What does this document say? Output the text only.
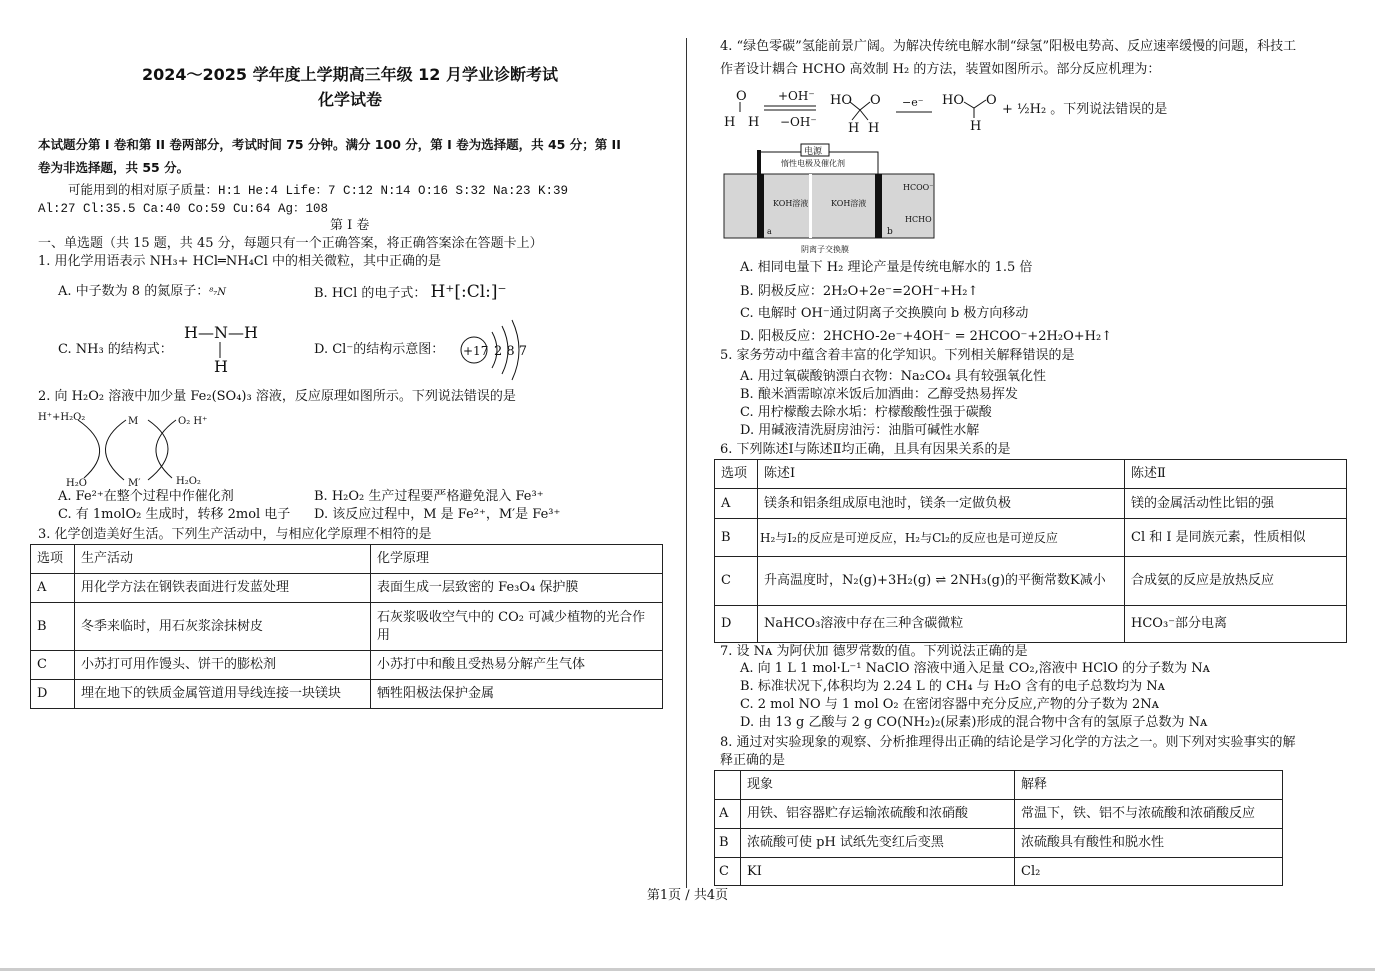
2024～2025 学年度上学期高三年级 12 月学业诊断考试
化学试卷
本试题分第 I 卷和第 II 卷两部分，考试时间 75 分钟。满分 100 分，第 I 卷为选择题，共 45 分；第 II
卷为非选择题，共 55 分。
可能用到的相对原子质量：H:1 He:4 Life：7 C:12 N:14 O:16 S:32 Na:23 K:39
Al:27 Cl:35.5 Ca:40 Co:59 Cu:64 Ag：108
第 I 卷
一、单选题（共 15 题，共 45 分，每题只有一个正确答案，将正确答案涂在答题卡上）
1. 用化学用语表示 NH₃+ HCl═NH₄Cl 中的相关微粒，其中正确的是
A. 中子数为 8 的氮原子：⁸₇N	B. HCl 的电子式： H⁺[:Cl:]⁻
C. NH₃ 的结构式：
H—N—H
H
D. Cl⁻的结构示意图： +17 2 8 7
2. 向 H₂O₂ 溶液中加少量 Fe₂(SO₄)₃ 溶液，反应原理如图所示。下列说法错误的是
H⁺+H₂O₂	M	O₂ H⁺
H₂O	M′	H₂O₂
A. Fe²⁺在整个过程中作催化剂	B. H₂O₂ 生产过程要严格避免混入 Fe³⁺
C. 有 1molO₂ 生成时，转移 2mol 电子 D. 该反应过程中，M 是 Fe²⁺，M′是 Fe³⁺
3. 化学创造美好生活。下列生产活动中，与相应化学原理不相符的是
选项	生产活动	化学原理
A	用化学方法在钢铁表面进行发蓝处理	表面生成一层致密的 Fe₃O₄ 保护膜
B	冬季来临时，用石灰浆涂抹树皮	石灰浆吸收空气中的 CO₂ 可减少植物的光合作用
C	小苏打可用作馒头、饼干的膨松剂	小苏打中和酸且受热易分解产生气体
D	埋在地下的铁质金属管道用导线连接一块镁块	牺牲阳极法保护金属
4. “绿色零碳”氢能前景广阔。为解决传统电解水制“绿氢”阳极电势高、反应速率缓慢的问题，科技工
作者设计耦合 HCHO 高效制 H₂ 的方法，装置如图所示。部分反应机理为：
O
H H
+OH⁻
−OH⁻
HO O
H H
−e⁻ HO O
H
+ ½H₂ 。下列说法错误的是
电源
惰性电极及催化剂
KOH溶液	KOH溶液
HCOO⁻
HCHO
a	b
阴离子交换膜
A. 相同电量下 H₂ 理论产量是传统电解水的 1.5 倍
B. 阴极反应：2H₂O+2e⁻=2OH⁻+H₂↑
C. 电解时 OH⁻通过阴离子交换膜向 b 极方向移动
D. 阳极反应：2HCHO-2e⁻+4OH⁻ = 2HCOO⁻+2H₂O+H₂↑
5. 家务劳动中蕴含着丰富的化学知识。下列相关解释错误的是
A. 用过氧碳酸钠漂白衣物：Na₂CO₄ 具有较强氧化性
B. 酿米酒需晾凉米饭后加酒曲：乙醇受热易挥发
C. 用柠檬酸去除水垢：柠檬酸酸性强于碳酸
D. 用碱液清洗厨房油污：油脂可碱性水解
6. 下列陈述Ⅰ与陈述Ⅱ均正确，且具有因果关系的是
选项	陈述Ⅰ	陈述Ⅱ
A	镁条和铝条组成原电池时，镁条一定做负极	镁的金属活动性比铝的强
B	H₂与I₂的反应是可逆反应，H₂与Cl₂的反应也是可逆反应	Cl 和 I 是同族元素，性质相似
C	升高温度时，N₂(g)+3H₂(g) ⇌ 2NH₃(g)的平衡常数K减小	合成氨的反应是放热反应
D	NaHCO₃溶液中存在三种含碳微粒	HCO₃⁻部分电离
7. 设 Nᴀ 为阿伏加 德罗常数的值。下列说法正确的是
A. 向 1 L 1 mol·L⁻¹ NaClO 溶液中通入足量 CO₂,溶液中 HClO 的分子数为 Nᴀ
B. 标准状况下,体积均为 2.24 L 的 CH₄ 与 H₂O 含有的电子总数均为 Nᴀ
C. 2 mol NO 与 1 mol O₂ 在密闭容器中充分反应,产物的分子数为 2Nᴀ
D. 由 13 g 乙酸与 2 g CO(NH₂)₂(尿素)形成的混合物中含有的氢原子总数为 Nᴀ
8. 通过对实验现象的观察、分析推理得出正确的结论是学习化学的方法之一。则下列对实验事实的解
释正确的是
	现象	解释
A	用铁、铝容器贮存运输浓硫酸和浓硝酸	常温下，铁、铝不与浓硫酸和浓硝酸反应
B	浓硫酸可使 pH 试纸先变红后变黑	浓硫酸具有酸性和脱水性
C	KI	Cl₂
第1页 / 共4页
